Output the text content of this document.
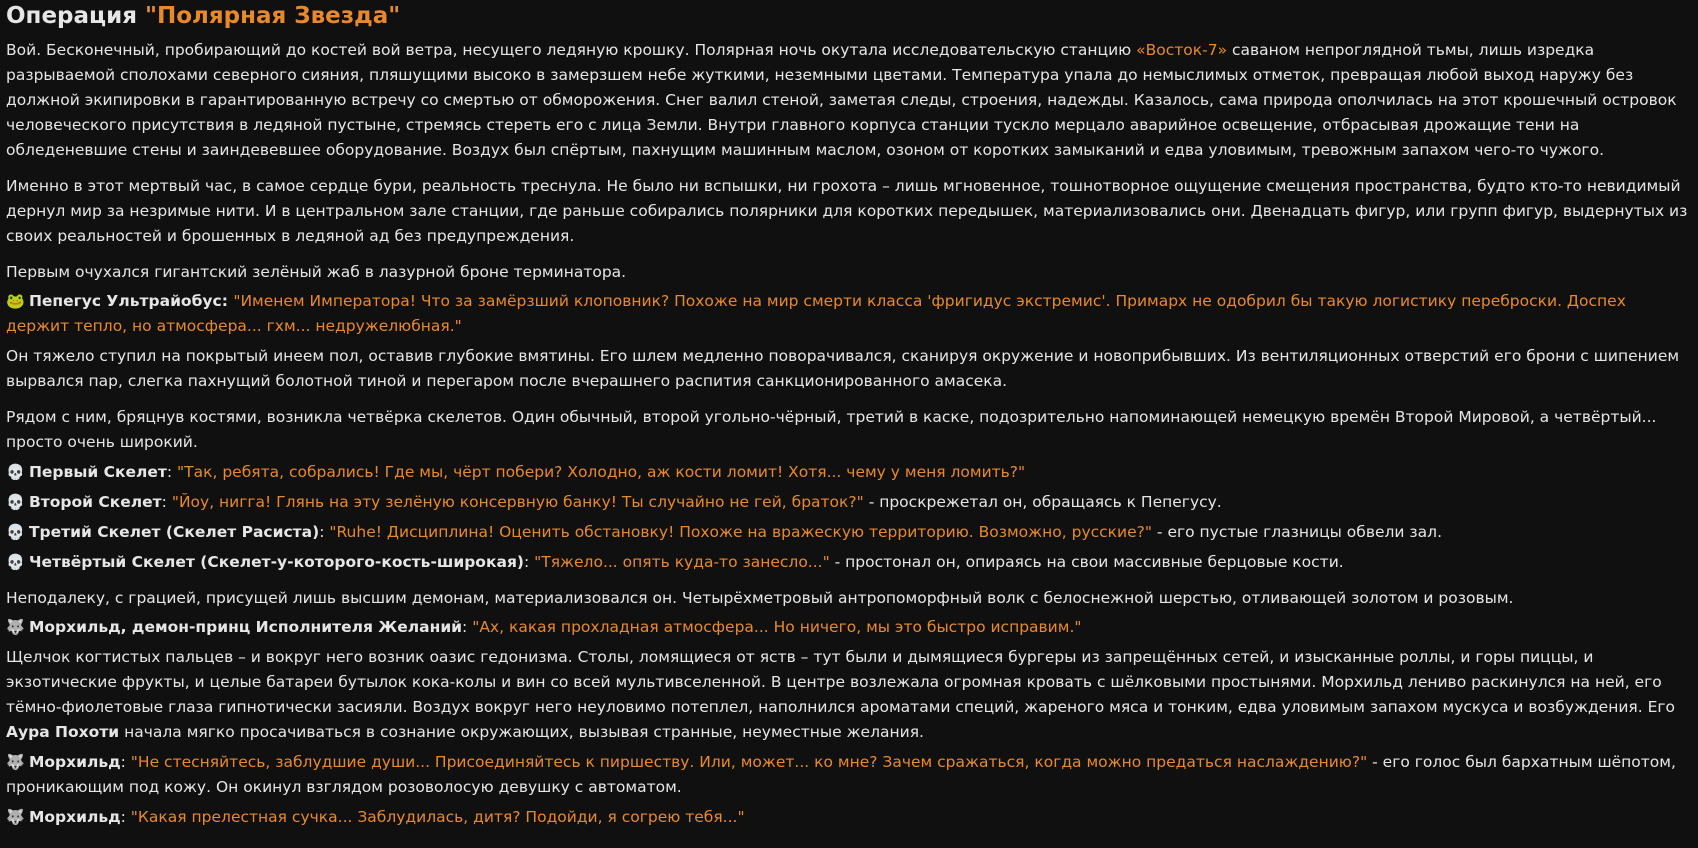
Операция "Полярная Звезда"

Вой. Бесконечный, пробирающий до костей вой ветра, несущего ледяную крошку. Полярная ночь окутала исследовательскую станцию «Восток-7» саваном непроглядной тьмы, лишь изредка разрываемой сполохами северного сияния, пляшущими высоко в замерзшем небе жуткими, неземными цветами. Температура упала до немыслимых отметок, превращая любой выход наружу без должной экипировки в гарантированную встречу со смертью от обморожения. Снег валил стеной, заметая следы, строения, надежды. Казалось, сама природа ополчилась на этот крошечный островок человеческого присутствия в ледяной пустыне, стремясь стереть его с лица Земли. Внутри главного корпуса станции тускло мерцало аварийное освещение, отбрасывая дрожащие тени на обледеневшие стены и заиндевевшее оборудование. Воздух был спёртым, пахнущим машинным маслом, озоном от коротких замыканий и едва уловимым, тревожным запахом чего-то чужого.

Именно в этот мертвый час, в самое сердце бури, реальность треснула. Не было ни вспышки, ни грохота – лишь мгновенное, тошнотворное ощущение смещения пространства, будто кто-то невидимый дернул мир за незримые нити. И в центральном зале станции, где раньше собирались полярники для коротких передышек, материализовались они. Двенадцать фигур, или групп фигур, выдернутых из своих реальностей и брошенных в ледяной ад без предупреждения.

Первым очухался гигантский зелёный жаб в лазурной броне терминатора.

🐸 Пепегус Ультрайобус: "Именем Императора! Что за замёрзший клоповник? Похоже на мир смерти класса 'фригидус экстремис'. Примарх не одобрил бы такую логистику переброски. Доспех держит тепло, но атмосфера... гхм... недружелюбная."

Он тяжело ступил на покрытый инеем пол, оставив глубокие вмятины. Его шлем медленно поворачивался, сканируя окружение и новоприбывших. Из вентиляционных отверстий его брони с шипением вырвался пар, слегка пахнущий болотной тиной и перегаром после вчерашнего распития санкционированного амасека.

Рядом с ним, бряцнув костями, возникла четвёрка скелетов. Один обычный, второй угольно-чёрный, третий в каске, подозрительно напоминающей немецкую времён Второй Мировой, а четвёртый... просто очень широкий.

💀 Первый Скелет: "Так, ребята, собрались! Где мы, чёрт побери? Холодно, аж кости ломит! Хотя... чему у меня ломить?"
💀 Второй Скелет: "Йоу, нигга! Глянь на эту зелёную консервную банку! Ты случайно не гей, браток?" - проскрежетал он, обращаясь к Пепегусу.
💀 Третий Скелет (Скелет Расиста): "Ruhe! Дисциплина! Оценить обстановку! Похоже на вражескую территорию. Возможно, русские?" - его пустые глазницы обвели зал.
💀 Четвёртый Скелет (Скелет-у-которого-кость-широкая): "Тяжело... опять куда-то занесло..." - простонал он, опираясь на свои массивные берцовые кости.

Неподалеку, с грацией, присущей лишь высшим демонам, материализовался он. Четырёхметровый антропоморфный волк с белоснежной шерстью, отливающей золотом и розовым.

🐺 Морхильд, демон-принц Исполнителя Желаний: "Ах, какая прохладная атмосфера... Но ничего, мы это быстро исправим."

Щелчок когтистых пальцев – и вокруг него возник оазис гедонизма. Столы, ломящиеся от яств – тут были и дымящиеся бургеры из запрещённых сетей, и изысканные роллы, и горы пиццы, и экзотические фрукты, и целые батареи бутылок кока-колы и вин со всей мультивселенной. В центре возлежала огромная кровать с шёлковыми простынями. Морхильд лениво раскинулся на ней, его тёмно-фиолетовые глаза гипнотически засияли. Воздух вокруг него неуловимо потеплел, наполнился ароматами специй, жареного мяса и тонким, едва уловимым запахом мускуса и возбуждения. Его Аура Похоти начала мягко просачиваться в сознание окружающих, вызывая странные, неуместные желания.

🐺 Морхильд: "Не стесняйтесь, заблудшие души... Присоединяйтесь к пиршеству. Или, может... ко мне? Зачем сражаться, когда можно предаться наслаждению?" - его голос был бархатным шёпотом, проникающим под кожу. Он окинул взглядом розоволосую девушку с автоматом.

🐺 Морхильд: "Какая прелестная сучка... Заблудилась, дитя? Подойди, я согрею тебя..."
